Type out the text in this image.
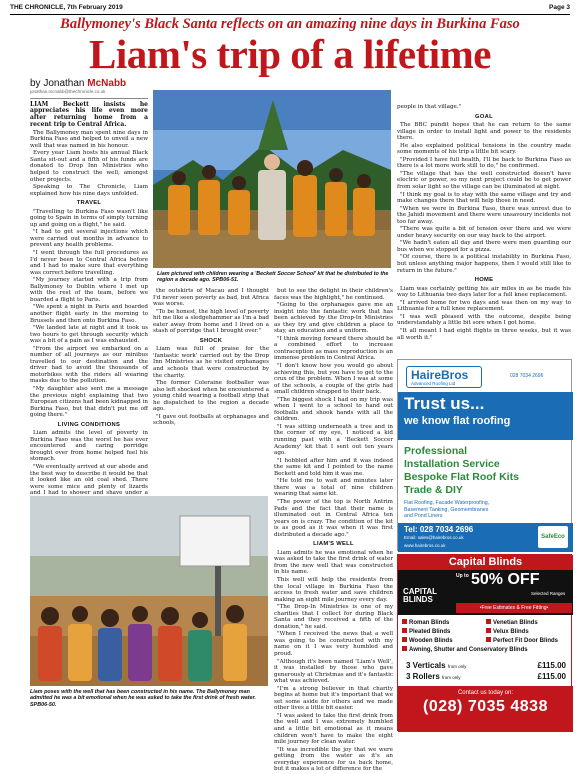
THE CHRONICLE, 7th February 2019	Page 3
Ballymoney's Black Santa reflects on an amazing nine days in Burkina Faso
Liam's trip of a lifetime
by Jonathan McNabb
jonathan.mcnabb@thechronicle.co.uk

LIAM Beckett insists he appreciates his life even more after returning home from a recent trip to Central Africa.

The Ballymoney man spent nine days in Burkina Faso and helped to unveil a new well that was named in his honour.

Every year Liam hosts his annual Black Santa sit-out and a fifth of his funds are donated to Drop Inn Ministries who helped to construct the well, amongst other projects.

Speaking to The Chronicle, Liam explained how his nine days unfolded.

TRAVEL

"Travelling to Burkina Faso wasn't like going to Spain in terms of simply turning up and going on a flight," he said.

"I had to get several injections which were carried out months in advance to prevent any health problems.

"I went through the full procedures as I'd never been to Central Africa before and I had to make sure that everything was correct before travelling.

"My journey started with a trip from Ballymoney to Dublin where I met up with the rest of the team, before we boarded a flight to Paris.

"We spent a night in Paris and boarded another flight early in the morning to Brussels and then onto Burkina Faso.

"We landed late at night and it took us two hours to get through security which was a bit of a pain as I was exhausted.

"From the airport we embarked on a number of all journeys as our minibus travelled to our destination and the driver had to avoid the thousands of motorbikes with the riders all wearing masks due to the pollution.

"My daughter also sent me a message the previous night explaining that two European citizens had been kidnapped in Burkina Faso, but that didn't put me off going there."

LIVING CONDITIONS

Liam admits the level of poverty in Burkina Faso was the worst he has ever encountered and caring porridge brought over from home helped fuel his stomach.

"We eventually arrived at our abode and the best way to describe it would be that it looked like an old coal shed. There were some mice and plenty of lizards and I had to shower and shave under a

Liam pictured with children wearing a 'Beckett Soccer School' kit that he distributed to the region a decade ago. SPB06-51.

the outskirts of Macau and I thought I'd never seen poverty as bad, but Africa was worse.

"To be honest, the high level of poverty hit me like a sledgehammer as I'm a bad eater away from home and I lived on a stash of porridge that I brought over."

SHOCK

Liam was full of praise for the 'fantastic work' carried out by the Drop Inn Ministries as he visited orphanages and schools that were constructed by the charity.

The former Coleraine footballer was also left shocked when he encountered a young child wearing a football strip that he dispatched to the region a decade ago.

"I gave out footballs at orphanages and schools,

but to see the delight in their children's faces was the highlight," he continued.

"Going to the orphanages gave me an insight into the fantastic work that has been achieved by the Drop-In Ministries as they try and give children a place to stay, an education and a uniform.

"I think moving forward there should be a combined effort to increase contraception as mass reproduction is an immense problem in Central Africa.

"I don't know how you would go about achieving this, but you have to get to the crux of the problem. When I was at some of the schools, a couple of the girls had small children strapped to their back.

"The biggest shock I had on my trip was when I went to a school to hand out footballs and shook hands with all the children.

"I was sitting underneath a tree and in the corner of my eye, I noticed a kid running past with a 'Beckett Soccer Academy' kit that I sent out ten years ago.

"I hobbled after him and it was indeed the same kit and I pointed to the name Beckett and told him it was me.

"He told me to wait and minutes later there was a total of nine children wearing that same kit.

"The power of the top is North Antrim Pads and the fact that their name is illuminated out in Central Africa ten years on is crazy. The condition of the kit is as good as it was when it was first distributed a decade ago."

LIAM'S WELL

Liam admits he was emotional when he was asked to take the first drink of water from the new well that was constructed in his name.

This well will help the residents from the local village in Burkina Faso the access to fresh water and save children making an eight mile journey every day.

"The Drop-In Ministries is one of my charities that I collect for during Black Santa and they received a fifth of the donation," he said.

"When I received the news that a well was going to be constructed with my name on it I was very humbled and proud.

"Although it's been named 'Liam's Well', it was installed by those who gave generously at Christmas and it's fantastic what was achieved.

"I'm a strong believer in that charity begins at home but it's important that we set some aside for others and we made other lives a little bit easier.

"I was asked to take the first drink from the well and I was extremely humbled and a little bit emotional as it means children won't have to make the eight mile journey for clean water.

"It was incredible the joy that we were getting from the water as it's an everyday experience for us back home, but it makes a lot of difference for the

Liam poses with the well that has been constructed in his name. The Ballymoney man admitted he was a bit emotional when he was asked to take the first drink of fresh water. SPB06-50.

people in that village."

GOAL

The BBC pundit hopes that he can return to the same village in order to install light and power to the residents there.

He also explained political tensions in the country made some moments of his trip a little bit scary.

"Provided I have full health, I'll be back to Burkina Faso as there is a lot more work still to do," he confirmed.

"The village that has the well constructed doesn't have electric or power, so my next project could be to get power from solar light so the village can be illuminated at night.

"I think my goal is to stay with the same village and try and make changes there that will help those in need.

"When we were in Burkina Faso, there was unrest due to the Jahidi movement and there were unsavoury incidents not too far away.

"There was quite a bit of tension over there and we were under heavy security on our way back to the airport.

"We hadn't eaten all day and there were men guarding our bus when we stopped for a pizza.

"Of course, there is a political instability in Burkina Faso, but unless anything major happens, then I would still like to return in the future."

HOME

Liam was certainly getting his air miles in as he made his way to Lithuania two days later for a full knee replacement.

"I arrived home for two days and was then on my way to Lithuania for a full knee replacement.

"I was well pleased with the outcome, despite being understandably a little bit sore when I got home.

"It all meant I had eight flights in three weeks, but it was all worth it."

HaireBros
Advanced Roofing Ltd
028 7034 2696
Trust us...
we know flat roofing
Professional
Installation Service
Bespoke Flat Roof Kits
Trade & DIY
Flat Roofing, Facade Waterproofing,
Basement Tanking, Geomembranes
and Pond Liners
Tel: 028 7034 2696
Email: sales@hairebros.co.uk
www.hairebros.co.uk
SafeEco
Capital Blinds
CAPITAL BLINDS
Up to 50% OFF
Selected Ranges
•Free Estimates & Free Fitting•
Roman Blinds	Venetian Blinds
Pleated Blinds	Velux Blinds
Wooden Blinds	Perfect Fit Door Blinds
Awning, Shutter and Conservatory Blinds
3 Verticals from only	£115.00
3 Rollers from only	£115.00
Contact us today on:
(028) 7035 4838
